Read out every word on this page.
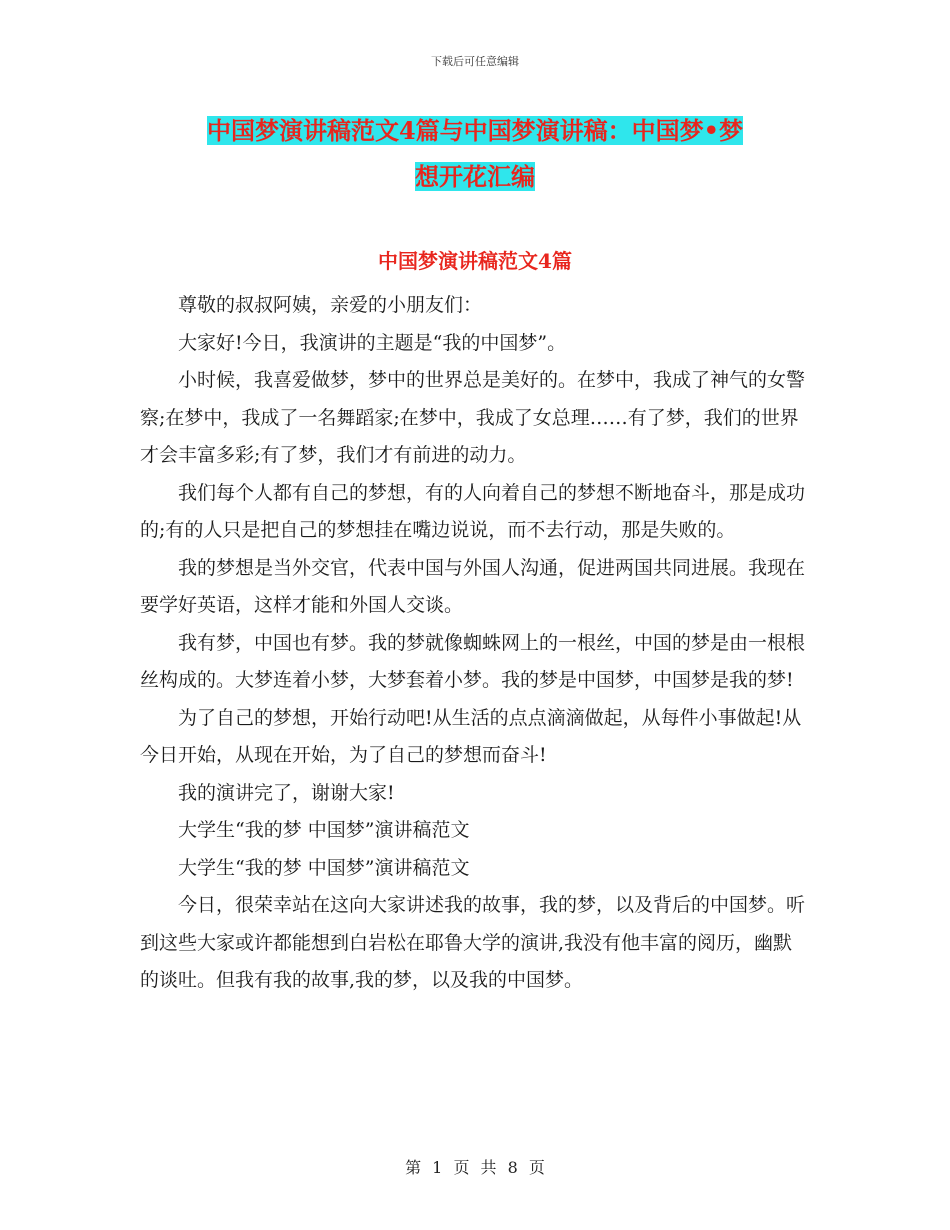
下载后可任意编辑
中国梦演讲稿范文4篇与中国梦演讲稿：中国梦•梦
想开花汇编
中国梦演讲稿范文4篇

尊敬的叔叔阿姨，亲爱的小朋友们：

大家好!今日，我演讲的主题是“我的中国梦”。

小时候，我喜爱做梦，梦中的世界总是美好的。在梦中，我成了神气的女警察;在梦中，我成了一名舞蹈家;在梦中，我成了女总理……有了梦，我们的世界才会丰富多彩;有了梦，我们才有前进的动力。

我们每个人都有自己的梦想，有的人向着自己的梦想不断地奋斗，那是成功的;有的人只是把自己的梦想挂在嘴边说说，而不去行动，那是失败的。

我的梦想是当外交官，代表中国与外国人沟通，促进两国共同进展。我现在要学好英语，这样才能和外国人交谈。

我有梦，中国也有梦。我的梦就像蜘蛛网上的一根丝，中国的梦是由一根根丝构成的。大梦连着小梦，大梦套着小梦。我的梦是中国梦，中国梦是我的梦!

为了自己的梦想，开始行动吧!从生活的点点滴滴做起，从每件小事做起!从今日开始，从现在开始，为了自己的梦想而奋斗!

我的演讲完了，谢谢大家!

大学生“我的梦 中国梦”演讲稿范文

大学生“我的梦 中国梦”演讲稿范文

今日，很荣幸站在这向大家讲述我的故事，我的梦，以及背后的中国梦。听到这些大家或许都能想到白岩松在耶鲁大学的演讲,我没有他丰富的阅历，幽默的谈吐。但我有我的故事,我的梦，以及我的中国梦。

第 1 页 共 8 页
